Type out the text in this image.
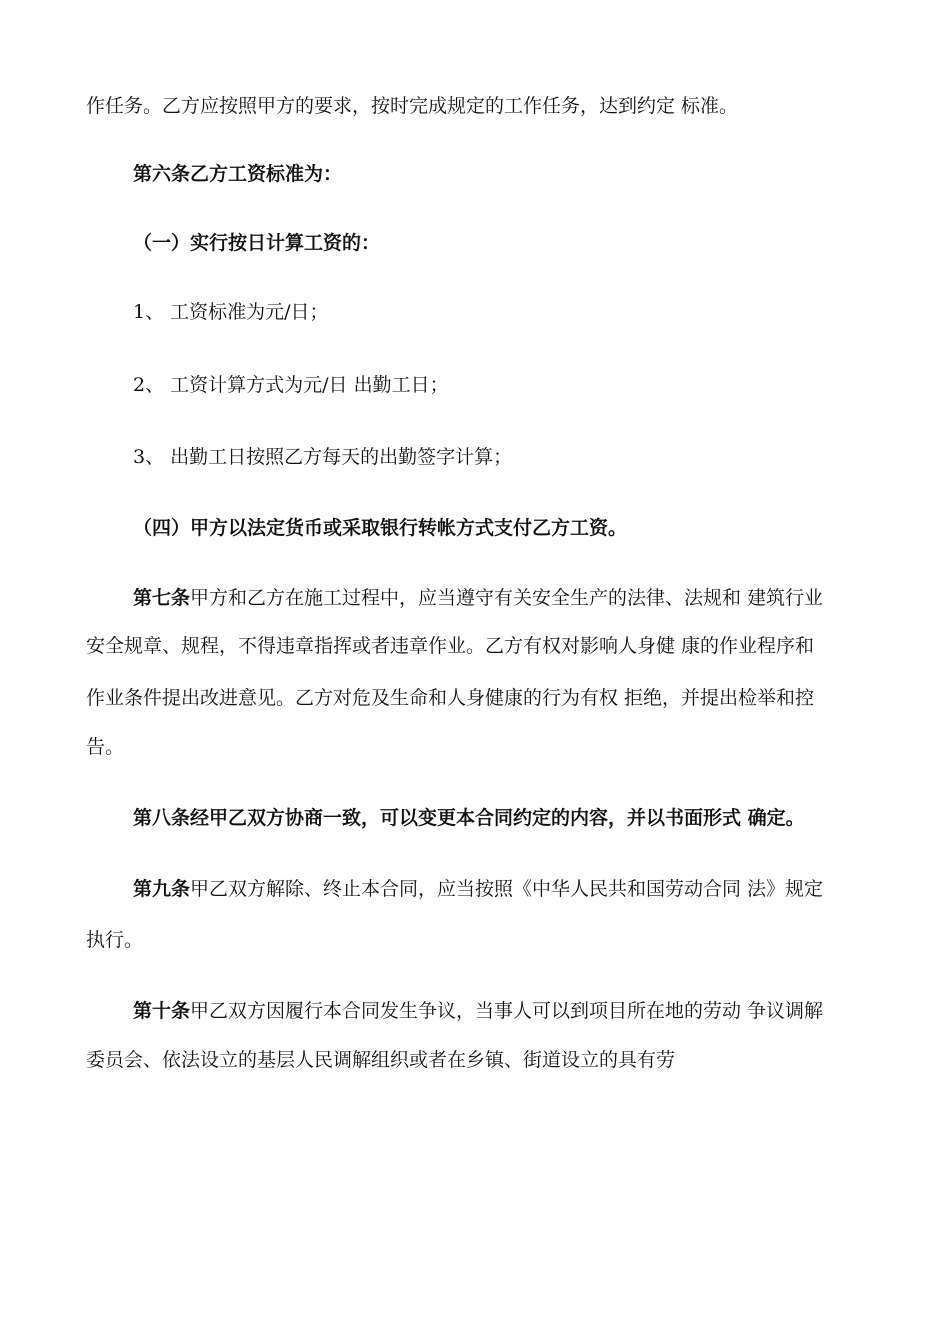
作任务。乙方应按照甲方的要求，按时完成规定的工作任务，达到约定 标准。
第六条乙方工资标准为：
（一）实行按日计算工资的：
1、 工资标准为元/日；
2、 工资计算方式为元/日 出勤工日；
3、 出勤工日按照乙方每天的出勤签字计算；
（四）甲方以法定货币或采取银行转帐方式支付乙方工资。
第七条甲方和乙方在施工过程中，应当遵守有关安全生产的法律、法规和 建筑行业
安全规章、规程，不得违章指挥或者违章作业。乙方有权对影响人身健 康的作业程序和
作业条件提出改进意见。乙方对危及生命和人身健康的行为有权 拒绝，并提出检举和控
告。
第八条经甲乙双方协商一致，可以变更本合同约定的内容，并以书面形式 确定。
第九条甲乙双方解除、终止本合同，应当按照《中华人民共和国劳动合同 法》规定
执行。
第十条甲乙双方因履行本合同发生争议，当事人可以到项目所在地的劳动 争议调解
委员会、依法设立的基层人民调解组织或者在乡镇、街道设立的具有劳
